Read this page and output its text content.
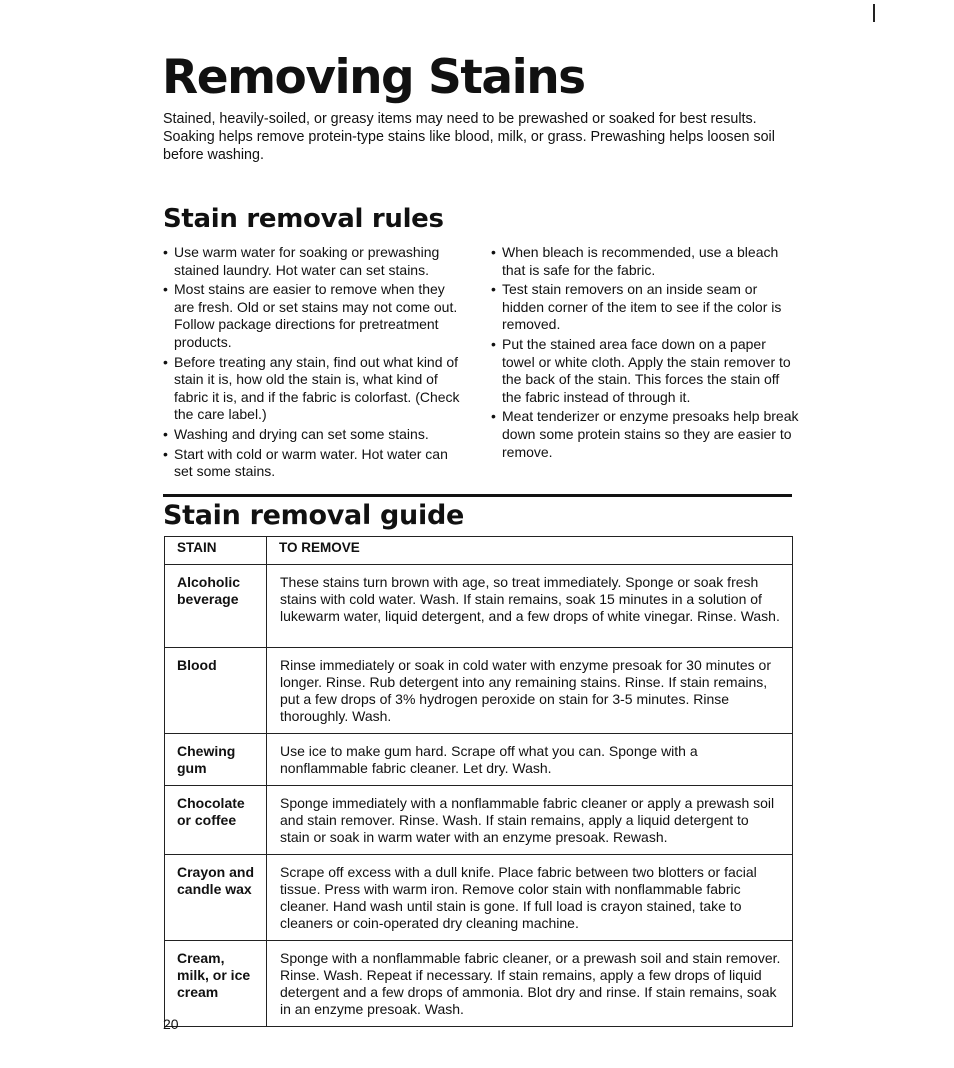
Removing Stains

Stained, heavily-soiled, or greasy items may need to be prewashed or soaked for best results. Soaking helps remove protein-type stains like blood, milk, or grass. Prewashing helps loosen soil before washing.

Stain removal rules
• Use warm water for soaking or prewashing stained laundry. Hot water can set stains.
• Most stains are easier to remove when they are fresh. Old or set stains may not come out. Follow package directions for pretreatment products.
• Before treating any stain, find out what kind of stain it is, how old the stain is, what kind of fabric it is, and if the fabric is colorfast. (Check the care label.)
• Washing and drying can set some stains.
• Start with cold or warm water. Hot water can set some stains.
• When bleach is recommended, use a bleach that is safe for the fabric.
• Test stain removers on an inside seam or hidden corner of the item to see if the color is removed.
• Put the stained area face down on a paper towel or white cloth. Apply the stain remover to the back of the stain. This forces the stain off the fabric instead of through it.
• Meat tenderizer or enzyme presoaks help break down some protein stains so they are easier to remove.
Stain removal guide
STAIN	TO REMOVE
Alcoholic beverage	These stains turn brown with age, so treat immediately. Sponge or soak fresh stains with cold water. Wash. If stain remains, soak 15 minutes in a solution of lukewarm water, liquid detergent, and a few drops of white vinegar. Rinse. Wash.
Blood	Rinse immediately or soak in cold water with enzyme presoak for 30 minutes or longer. Rinse. Rub detergent into any remaining stains. Rinse. If stain remains, put a few drops of 3% hydrogen peroxide on stain for 3-5 minutes. Rinse thoroughly. Wash.
Chewing gum	Use ice to make gum hard. Scrape off what you can. Sponge with a nonflammable fabric cleaner. Let dry. Wash.
Chocolate or coffee	Sponge immediately with a nonflammable fabric cleaner or apply a prewash soil and stain remover. Rinse. Wash. If stain remains, apply a liquid detergent to stain or soak in warm water with an enzyme presoak. Rewash.
Crayon and candle wax	Scrape off excess with a dull knife. Place fabric between two blotters or facial tissue. Press with warm iron. Remove color stain with nonflammable fabric cleaner. Hand wash until stain is gone. If full load is crayon stained, take to cleaners or coin-operated dry cleaning machine.
Cream, milk, or ice cream	Sponge with a nonflammable fabric cleaner, or a prewash soil and stain remover. Rinse. Wash. Repeat if necessary. If stain remains, apply a few drops of liquid detergent and a few drops of ammonia. Blot dry and rinse. If stain remains, soak in an enzyme presoak. Wash.
20
